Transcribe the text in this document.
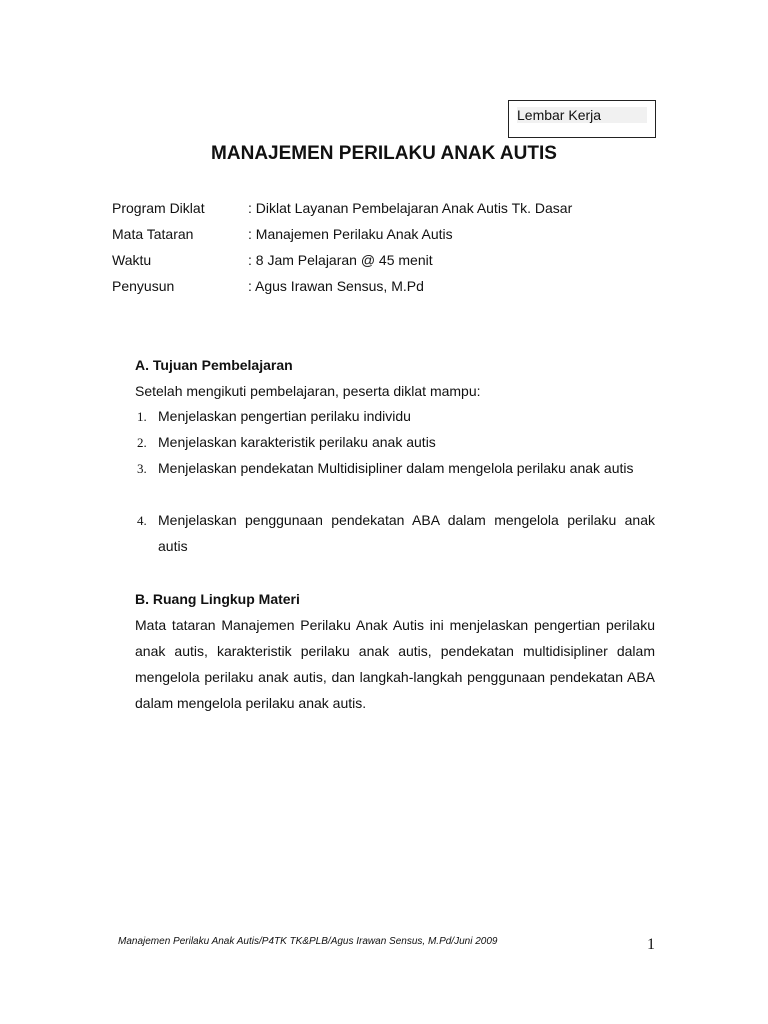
Lembar Kerja
MANAJEMEN PERILAKU ANAK AUTIS
Program Diklat	: Diklat Layanan Pembelajaran Anak Autis Tk. Dasar
Mata Tataran	: Manajemen Perilaku Anak Autis
Waktu	: 8 Jam Pelajaran @ 45 menit
Penyusun	: Agus Irawan Sensus, M.Pd
A. Tujuan Pembelajaran
Setelah mengikuti pembelajaran, peserta diklat mampu:
1. Menjelaskan pengertian perilaku individu
2. Menjelaskan karakteristik perilaku anak autis
3. Menjelaskan pendekatan Multidisipliner dalam mengelola perilaku anak autis
4. Menjelaskan penggunaan pendekatan ABA dalam mengelola perilaku anak autis
B. Ruang Lingkup Materi
Mata tataran Manajemen Perilaku Anak Autis ini menjelaskan pengertian perilaku anak autis, karakteristik perilaku anak autis, pendekatan multidisipliner dalam mengelola perilaku anak autis, dan langkah-langkah penggunaan pendekatan ABA dalam mengelola perilaku anak autis.
Manajemen Perilaku Anak Autis/P4TK TK&PLB/Agus Irawan Sensus, M.Pd/Juni 2009	1
